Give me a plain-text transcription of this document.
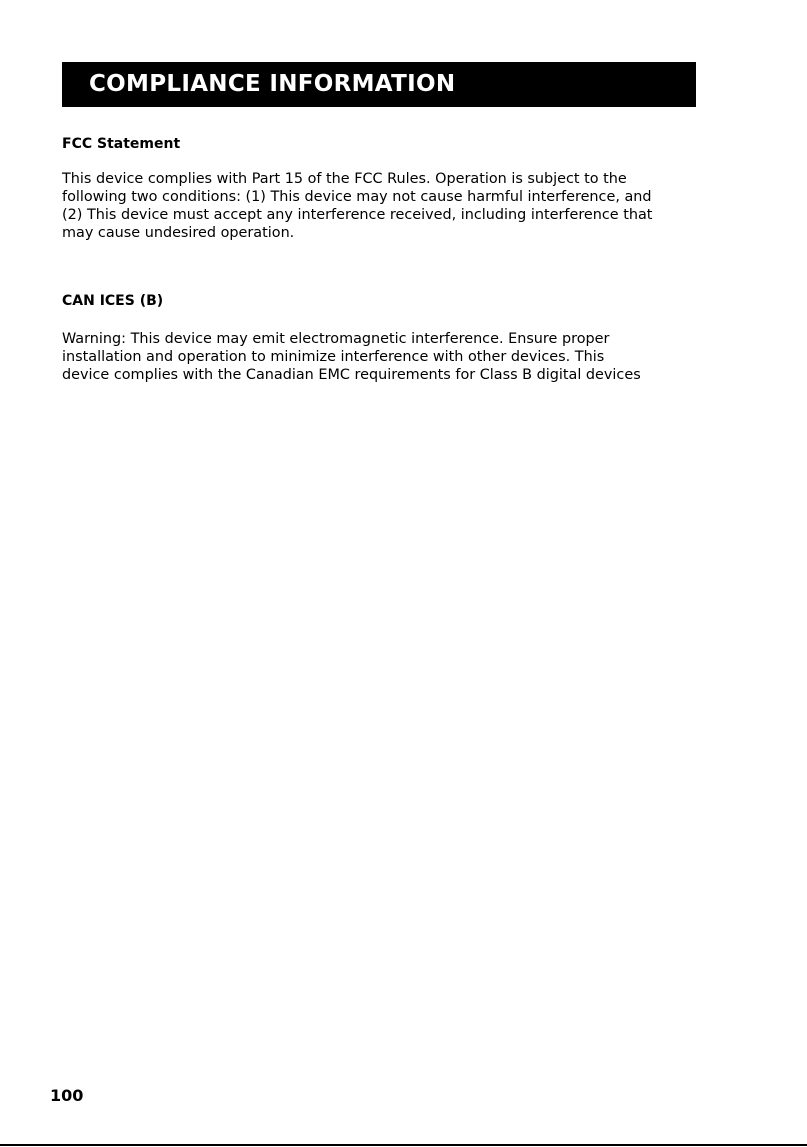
COMPLIANCE INFORMATION
FCC Statement

This device complies with Part 15 of the FCC Rules. Operation is subject to the
following two conditions: (1) This device may not cause harmful interference, and
(2) This device must accept any interference received, including interference that
may cause undesired operation.

CAN ICES (B)

Warning: This device may emit electromagnetic interference. Ensure proper
installation and operation to minimize interference with other devices. This
device complies with the Canadian EMC requirements for Class B digital devices

100
